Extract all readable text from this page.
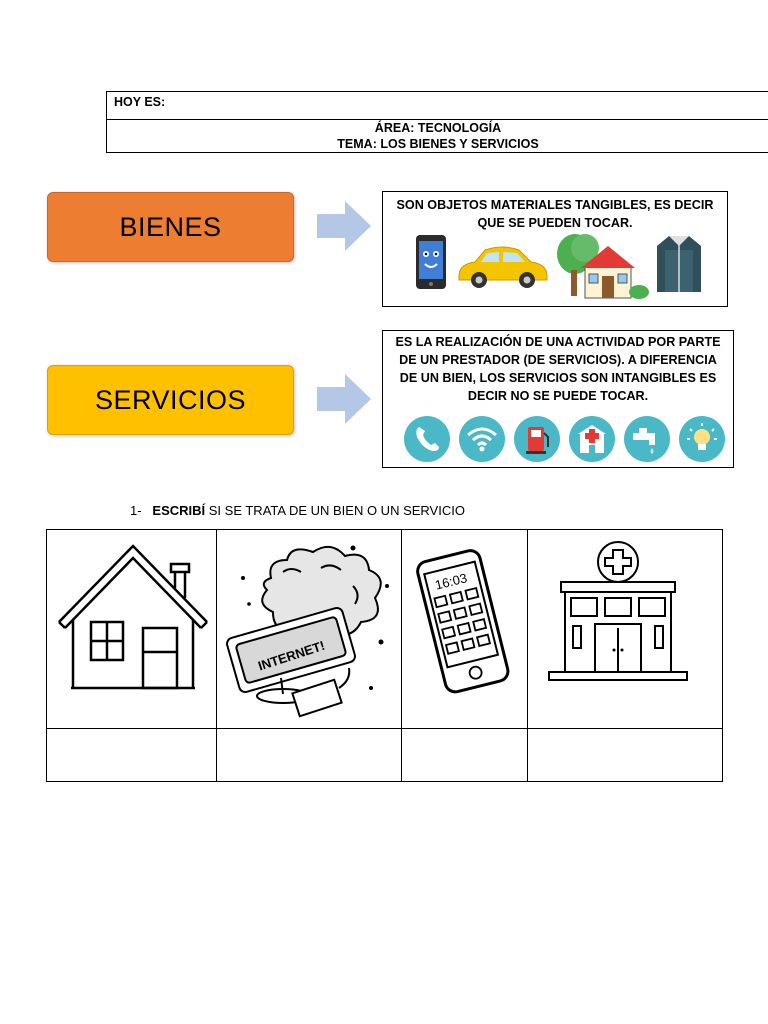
HOY ES:
ÁREA: TECNOLOGÍA
TEMA: LOS BIENES Y SERVICIOS
BIENES
SON OBJETOS MATERIALES TANGIBLES, ES DECIR QUE SE PUEDEN TOCAR.
SERVICIOS
ES LA REALIZACIÓN DE UNA ACTIVIDAD POR PARTE DE UN PRESTADOR (DE SERVICIOS). A DIFERENCIA DE UN BIEN, LOS SERVICIOS SON INTANGIBLES ES DECIR NO SE PUEDE TOCAR.
1- ESCRIBÍ SI SE TRATA DE UN BIEN O UN SERVICIO
INTERNET!
16:03
